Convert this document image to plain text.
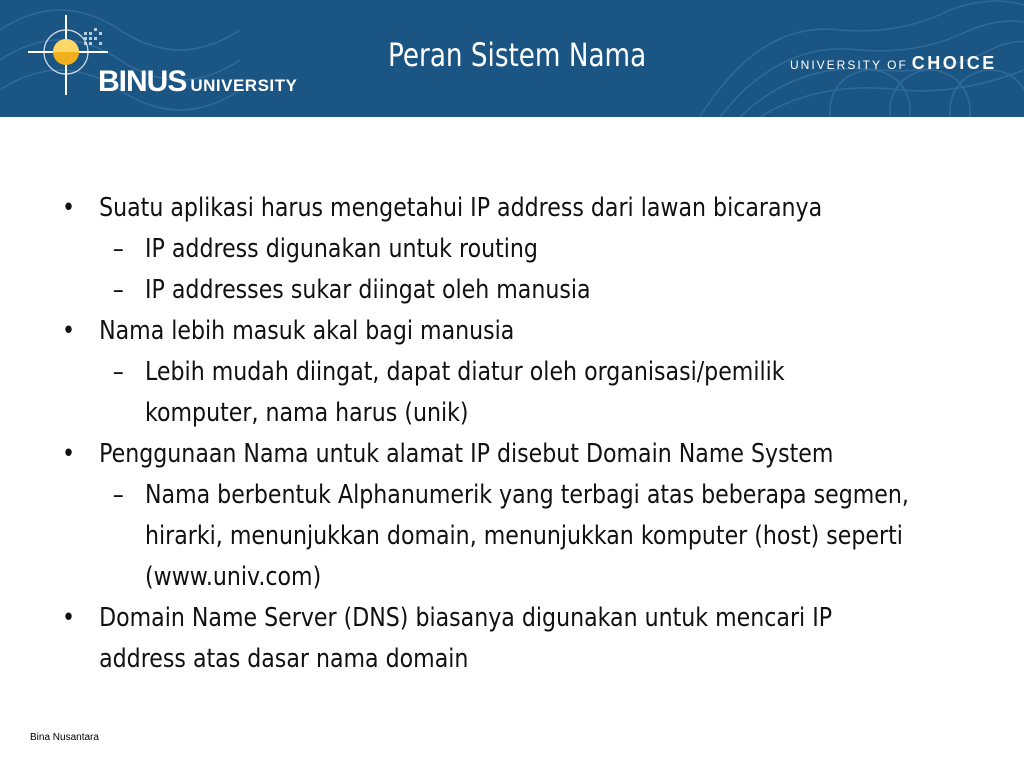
BINUS UNIVERSITY
Peran Sistem Nama	UNIVERSITY OF CHOICE
• Suatu aplikasi harus mengetahui IP address dari lawan bicaranya
– IP address digunakan untuk routing
– IP addresses sukar diingat oleh manusia
• Nama lebih masuk akal bagi manusia
– Lebih mudah diingat, dapat diatur oleh organisasi/pemilik komputer, nama harus (unik)
• Penggunaan Nama untuk alamat IP disebut Domain Name System
– Nama berbentuk Alphanumerik yang terbagi atas beberapa segmen, hirarki, menunjukkan domain, menunjukkan komputer (host) seperti (www.univ.com)
• Domain Name Server (DNS) biasanya digunakan untuk mencari IP address atas dasar nama domain
Bina Nusantara
